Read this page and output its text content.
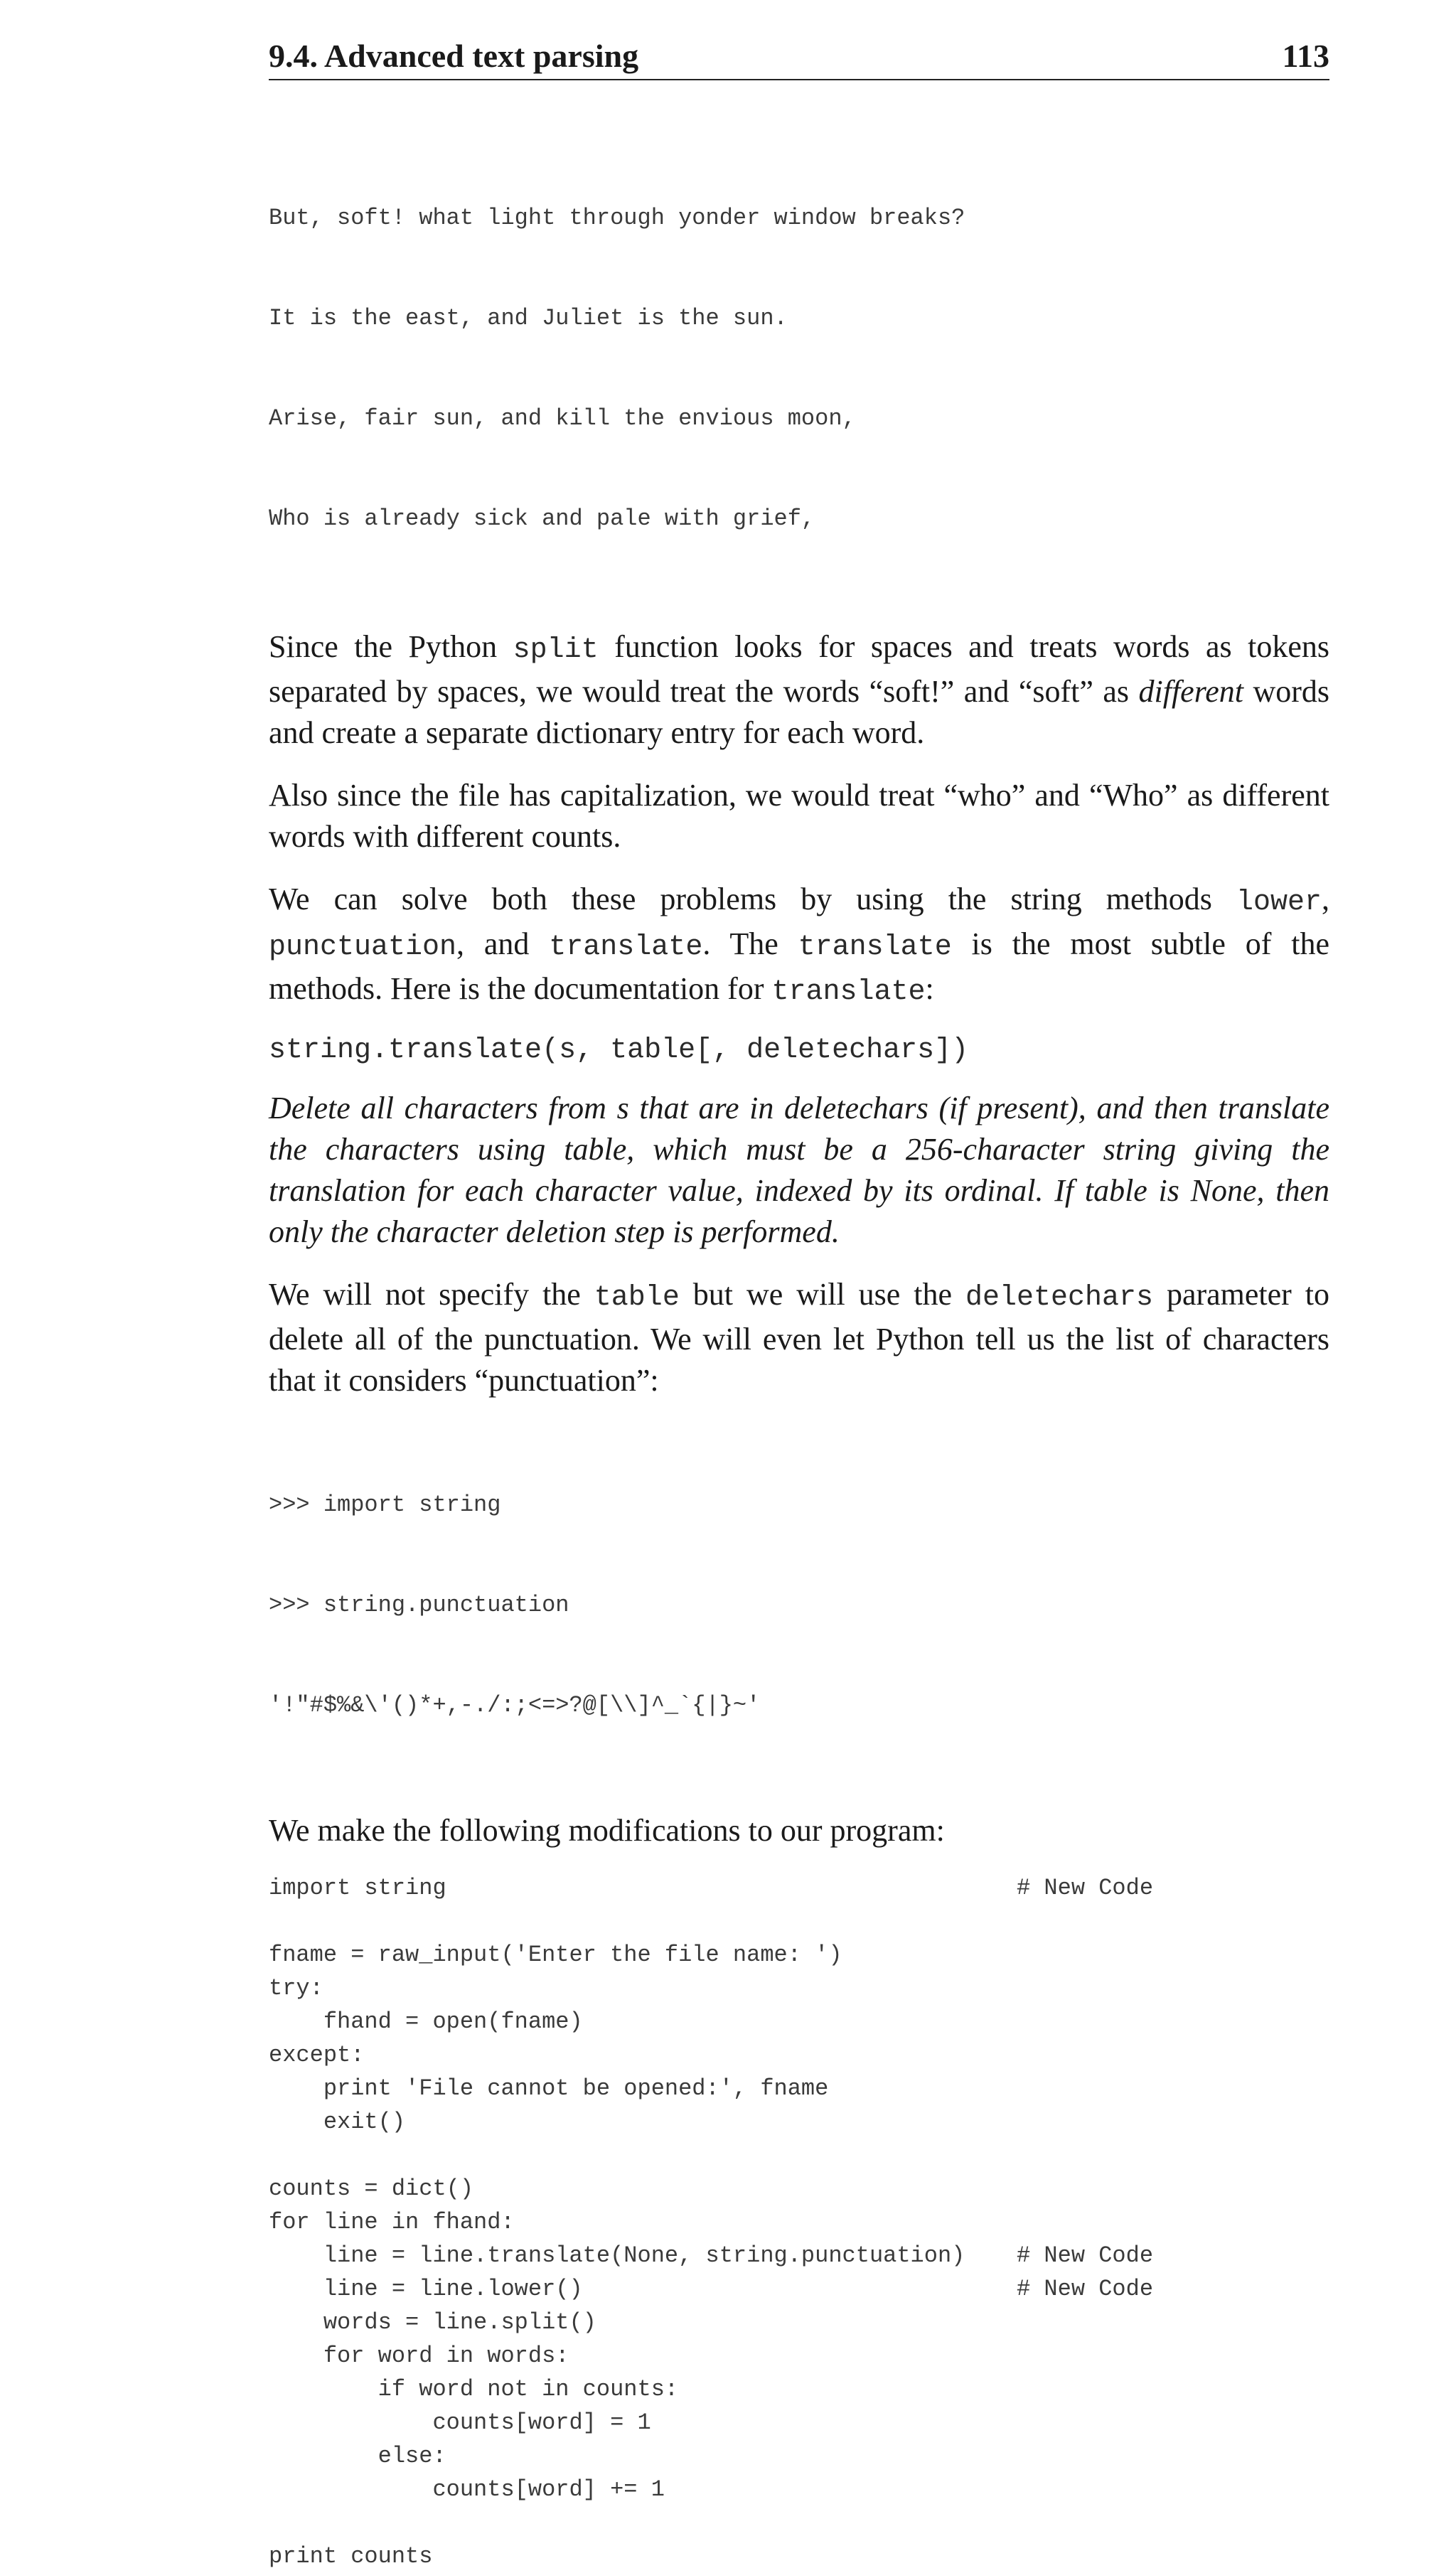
9.4. Advanced text parsing	113

But, soft! what light through yonder window breaks?

It is the east, and Juliet is the sun.

Arise, fair sun, and kill the envious moon,

Who is already sick and pale with grief,

Since the Python split function looks for spaces and treats words as tokens separated by spaces, we would treat the words “soft!” and “soft” as different words and create a separate dictionary entry for each word.

Also since the file has capitalization, we would treat “who” and “Who” as different words with different counts.

We can solve both these problems by using the string methods lower, punctuation, and translate. The translate is the most subtle of the methods. Here is the documentation for translate:

string.translate(s, table[, deletechars])

Delete all characters from s that are in deletechars (if present), and then translate the characters using table, which must be a 256-character string giving the translation for each character value, indexed by its ordinal. If table is None, then only the character deletion step is performed.

We will not specify the table but we will use the deletechars parameter to delete all of the punctuation. We will even let Python tell us the list of characters that it considers “punctuation”:

>>> import string

>>> string.punctuation

'!"#$%&\'()*+,-./:;<=>?@[\\]^_`{|}~'

We make the following modifications to our program:

import string	# New Code
fname = raw_input('Enter the file name: ')
try:
fhand = open(fname)
except:
print 'File cannot be opened:', fname
exit()
counts = dict()
for line in fhand:
line = line.translate(None, string.punctuation)	# New Code
line = line.lower()	# New Code
words = line.split()
for word in words:
if word not in counts:
counts[word] = 1
else:
counts[word] += 1
print counts
